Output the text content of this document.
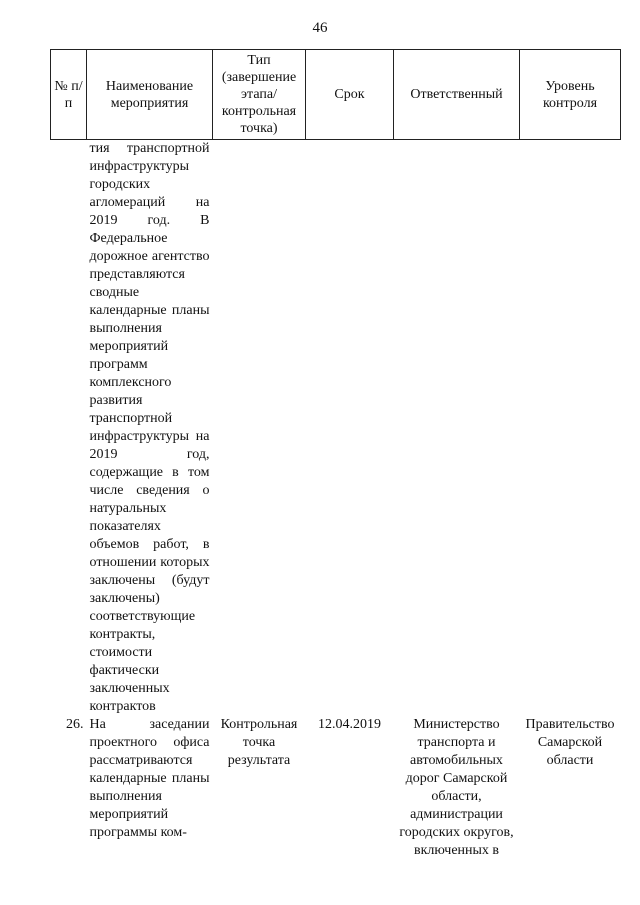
46
№ п/п	Наименование мероприятия	Тип (завершение этапа/ контрольная точка)	Срок	Ответственный	Уровень контроля
	тия транспортной инфраструктуры городских агломераций на 2019 год. В Федеральное дорожное агентство представляются сводные календарные планы выполнения мероприятий программ комплексного развития транспортной инфраструктуры на 2019 год, содержащие в том числе сведения о натуральных показателях объемов работ, в отношении которых заключены (будут заключены) соответствующие контракты, стоимости фактически заключенных контрактов				
26.	На заседании проектного офиса рассматриваются календарные планы выполнения мероприятий программы ком-	Контрольная точка результата	12.04.2019	Министерство транспорта и автомобильных дорог Самарской области, администрации городских округов, включенных в	Правительство Самарской области
